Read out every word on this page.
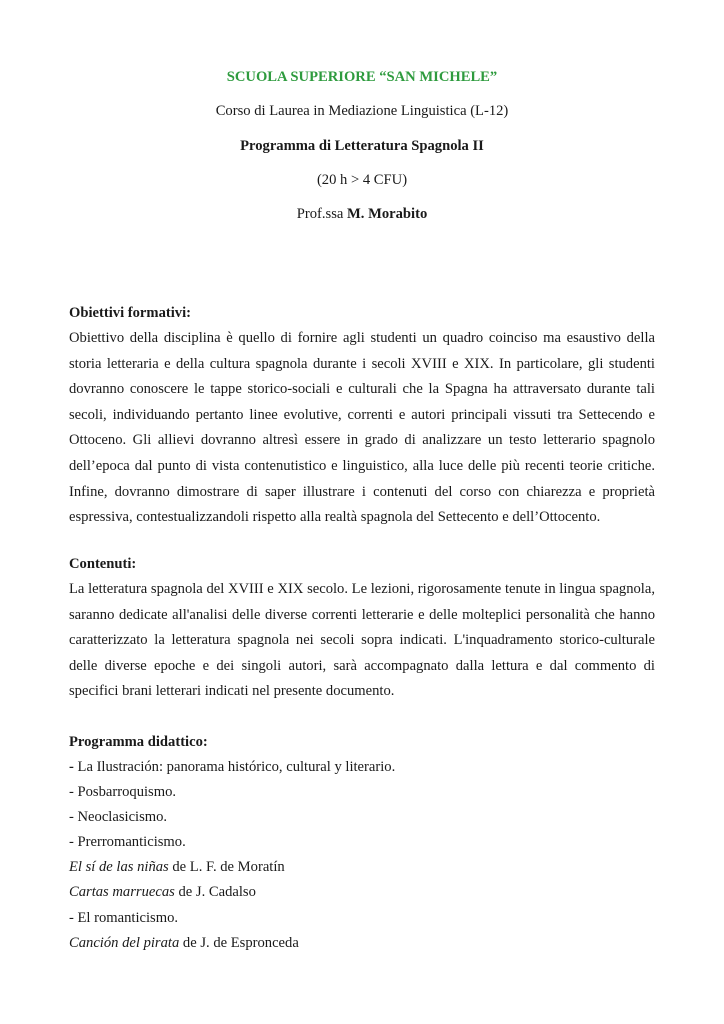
SCUOLA SUPERIORE “SAN MICHELE”
Corso di Laurea in Mediazione Linguistica (L-12)
Programma di Letteratura Spagnola II
(20 h > 4 CFU)
Prof.ssa M. Morabito
Obiettivi formativi:
Obiettivo della disciplina è quello di fornire agli studenti un quadro coinciso ma esaustivo della
storia letteraria e della cultura spagnola durante i secoli XVIII e XIX. In particolare, gli studenti
dovranno conoscere le tappe storico-sociali e culturali che la Spagna ha attraversato durante tali
secoli, individuando pertanto linee evolutive, correnti e autori principali vissuti tra Settecendo e
Ottoceno. Gli allievi dovranno altresì essere in grado di analizzare un testo letterario spagnolo
dell’epoca dal punto di vista contenutistico e linguistico, alla luce delle più recenti teorie critiche.
Infine, dovranno dimostrare di saper illustrare i contenuti del corso con chiarezza e proprietà
espressiva, contestualizzandoli rispetto alla realtà spagnola del Settecento e dell’Ottocento.
Contenuti:
La letteratura spagnola del XVIII e XIX secolo. Le lezioni, rigorosamente tenute in lingua spagnola,
saranno dedicate all'analisi delle diverse correnti letterarie e delle molteplici personalità che hanno
caratterizzato la letteratura spagnola nei secoli sopra indicati. L'inquadramento storico-culturale
delle diverse epoche e dei singoli autori, sarà accompagnato dalla lettura e dal commento di
specifici brani letterari indicati nel presente documento.
Programma didattico:
- La Ilustración: panorama histórico, cultural y literario.
- Posbarroquismo.
- Neoclasicismo.
- Prerromanticismo.
El sí de las niñas de L. F. de Moratín
Cartas marruecas de J. Cadalso
- El romanticismo.
Canción del pirata de J. de Espronceda
